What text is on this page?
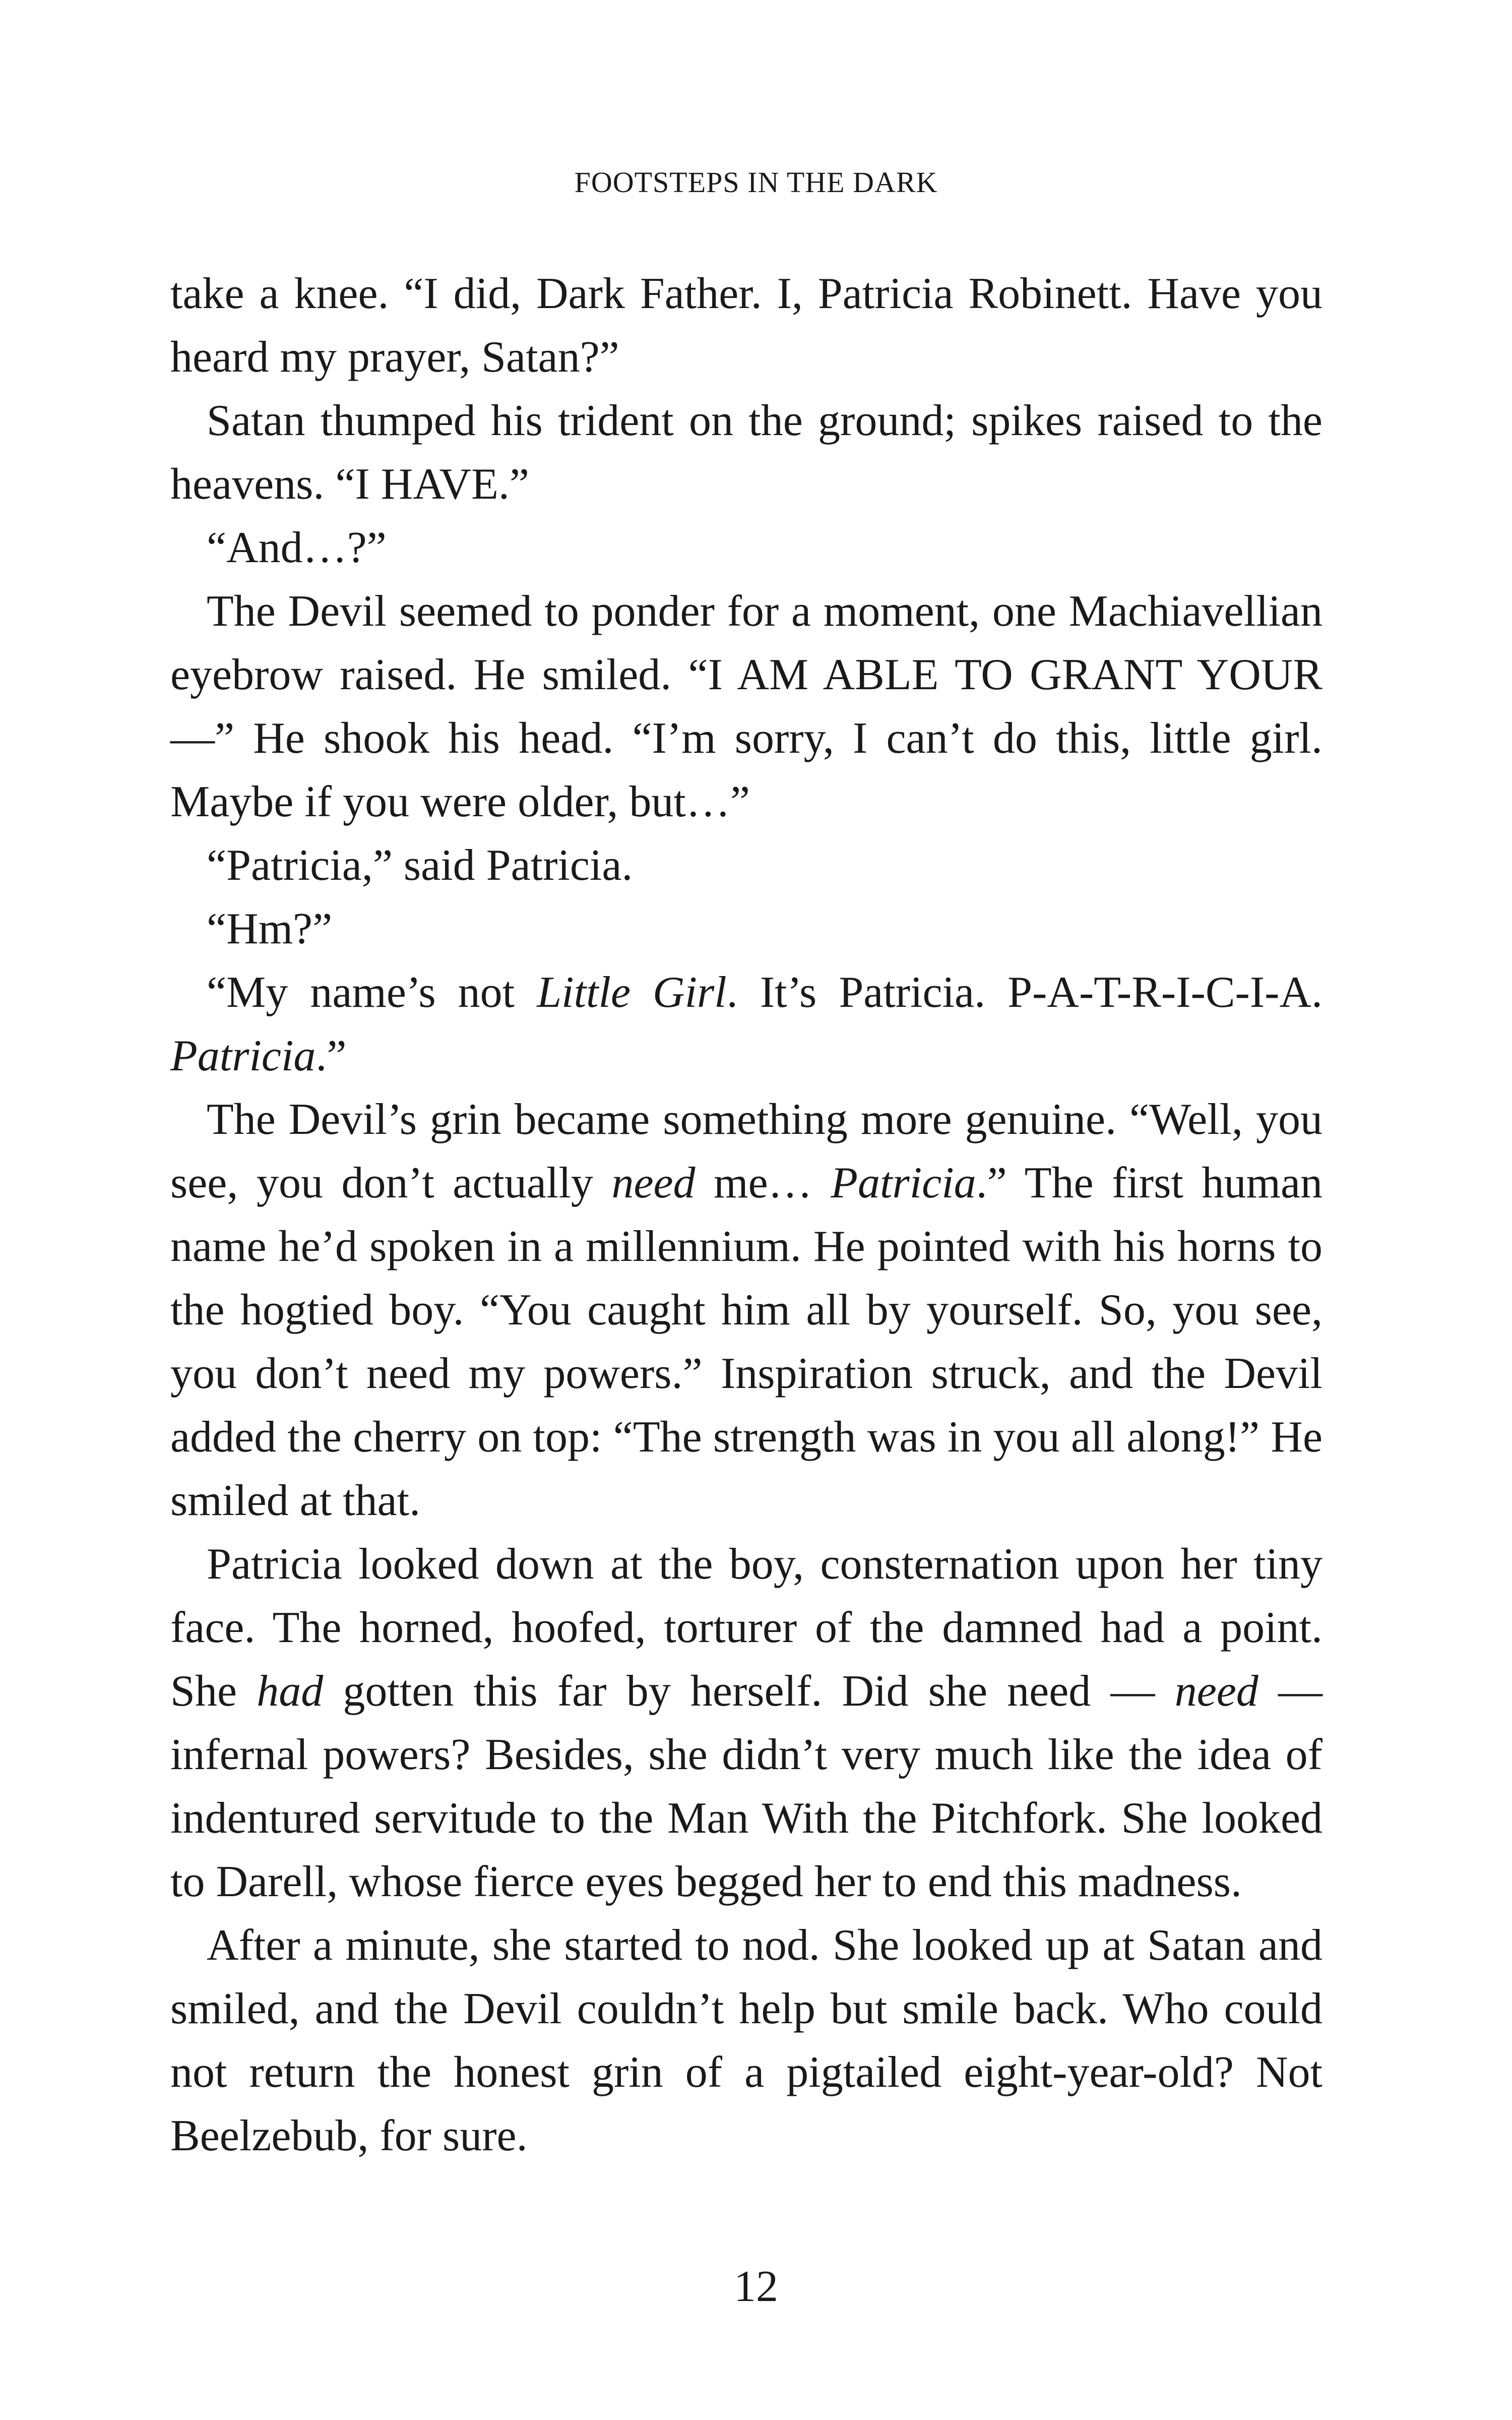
FOOTSTEPS IN THE DARK

take a knee. “I did, Dark Father. I, Patricia Robinett. Have you heard my prayer, Satan?”

Satan thumped his trident on the ground; spikes raised to the heavens. “I HAVE.”

“And…?”

The Devil seemed to ponder for a moment, one Machiavellian eyebrow raised. He smiled. “I AM ABLE TO GRANT YOUR—” He shook his head. “I’m sorry, I can’t do this, little girl. Maybe if you were older, but…”

“Patricia,” said Patricia.

“Hm?”

“My name’s not Little Girl. It’s Patricia. P-A-T-R-I-C-I-A. Patricia.”

The Devil’s grin became something more genuine. “Well, you see, you don’t actually need me… Patricia.” The first human name he’d spoken in a millennium. He pointed with his horns to the hogtied boy. “You caught him all by yourself. So, you see, you don’t need my powers.” Inspiration struck, and the Devil added the cherry on top: “The strength was in you all along!” He smiled at that.

Patricia looked down at the boy, consternation upon her tiny face. The horned, hoofed, torturer of the damned had a point. She had gotten this far by herself. Did she need — need — infernal powers? Besides, she didn’t very much like the idea of indentured servitude to the Man With the Pitchfork. She looked to Darell, whose fierce eyes begged her to end this madness.

After a minute, she started to nod. She looked up at Satan and smiled, and the Devil couldn’t help but smile back. Who could not return the honest grin of a pigtailed eight-year-old? Not Beelzebub, for sure.

12
